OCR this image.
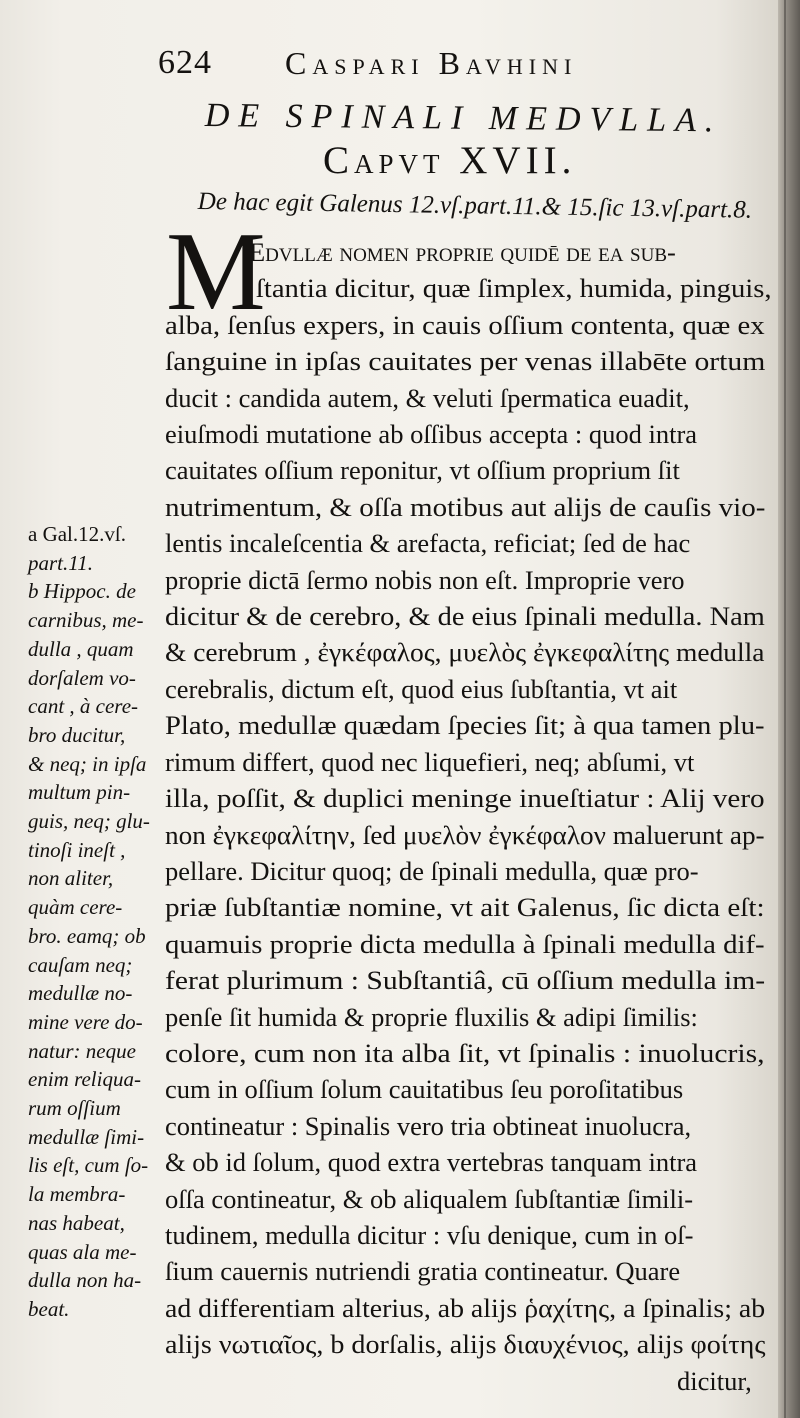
624 Caspari Bavhini
DE SPINALI MEDVLLA.
Capvt XVII.
De hac egit Galenus 12.vſ.part.11.& 15.ſic 13.vſ.part.8.
M
Edvllæ nomen proprie quidē de ea ſub-
ſtantia dicitur, quæ ſimplex, humida, pinguis,
alba, ſenſus expers, in cauis oſſium contenta, quæ ex
ſanguine in ipſas cauitates per venas illabēte ortum
ducit : candida autem, & veluti ſpermatica euadit,
eiuſmodi mutatione ab oſſibus accepta : quod intra
cauitates oſſium reponitur, vt oſſium proprium ſit
nutrimentum, & oſſa motibus aut alijs de cauſis vio-
lentis incaleſcentia & arefacta, reficiat; ſed de hac
proprie dictā ſermo nobis non eſt. Improprie vero
dicitur & de cerebro, & de eius ſpinali medulla. Nam
& cerebrum , ἐγκέφαλος, μυελὸς ἐγκεφαλίτης medulla
cerebralis, dictum eſt, quod eius ſubſtantia, vt ait
Plato, medullæ quædam ſpecies ſit; à qua tamen plu-
rimum differt, quod nec liquefieri, neq; abſumi, vt
illa, poſſit, & duplici meninge inueſtiatur : Alij vero
non ἐγκεφαλίτην, ſed μυελὸν ἐγκέφαλον maluerunt ap-
pellare. Dicitur quoq; de ſpinali medulla, quæ pro-
priæ ſubſtantiæ nomine, vt ait Galenus, ſic dicta eſt:
quamuis proprie dicta medulla à ſpinali medulla dif-
ferat plurimum : Subſtantiâ, cū oſſium medulla im-
penſe ſit humida & proprie fluxilis & adipi ſimilis:
colore, cum non ita alba ſit, vt ſpinalis : inuolucris,
cum in oſſium ſolum cauitatibus ſeu poroſitatibus
contineatur : Spinalis vero tria obtineat inuolucra,
& ob id ſolum, quod extra vertebras tanquam intra
oſſa contineatur, & ob aliqualem ſubſtantiæ ſimili-
tudinem, medulla dicitur : vſu denique, cum in oſ-
ſium cauernis nutriendi gratia contineatur. Quare
ad differentiam alterius, ab alijs ῥαχίτης, a ſpinalis; ab
alijs νωτιαῖος, b dorſalis, alijs διαυχένιος, alijs φοίτης
dicitur,
a Gal.12.vſ.
part.11.
b Hippoc. de
carnibus, me-
dulla , quam
dorſalem vo-
cant , à cere-
bro ducitur,
& neq; in ipſa
multum pin-
guis, neq; glu-
tinoſi ineſt ,
non aliter,
quàm cere-
bro. eamq; ob
cauſam neq;
medullæ no-
mine vere do-
natur: neque
enim reliqua-
rum oſſium
medullæ ſimi-
lis eſt, cum ſo-
la membra-
nas habeat,
quas ala me-
dulla non ha-
beat.
